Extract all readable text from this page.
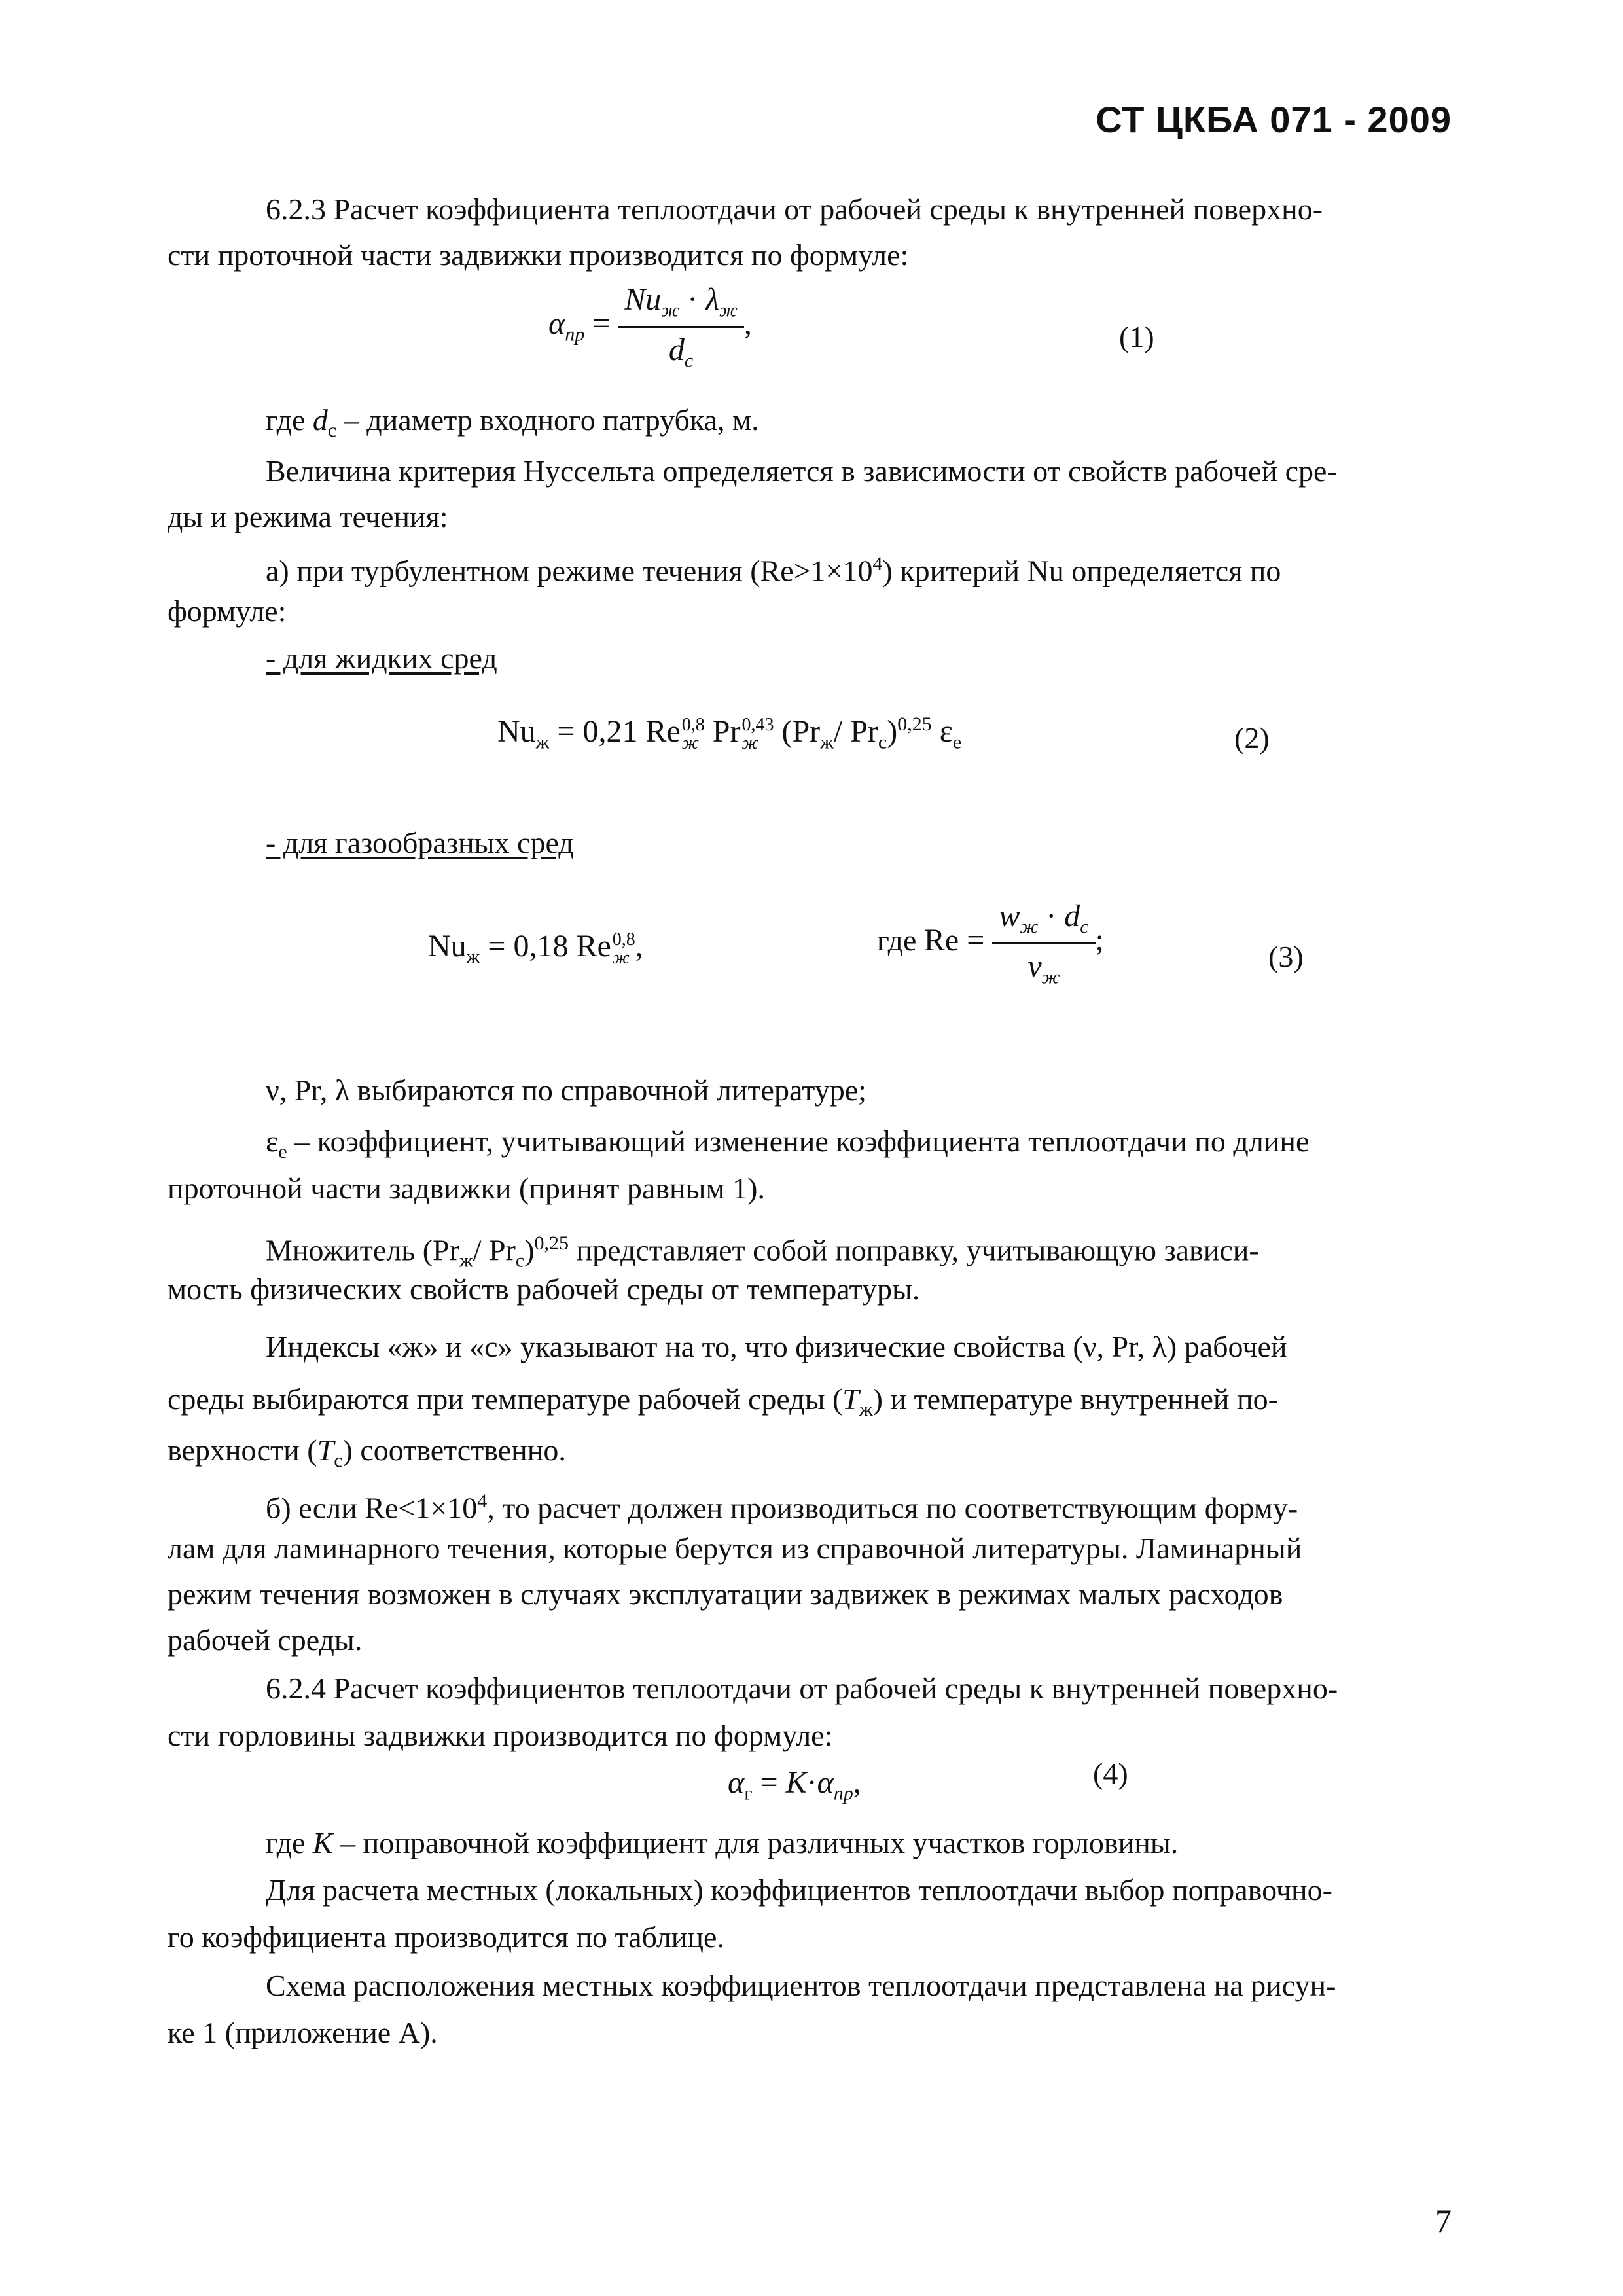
СТ ЦКБА 071 - 2009
6.2.3 Расчет коэффициента теплоотдачи от рабочей среды к внутренней поверхно-
сти проточной части задвижки производится по формуле:
$\alpha_{пр} = \frac{Nu_ж \cdot \lambda_ж}{d_с}$ ,	(1)
где $d_с$ – диаметр входного патрубка, м.
Величина критерия Нуссельта определяется в зависимости от свойств рабочей сре-
ды и режима течения:
а) при турбулентном режиме течения $(Re>1\times 10^4)$ критерий Nu определяется по
формуле:
- для жидких сред
$Nu_ж = 0,21$ Re 0,8
ж Pr 0,43
ж ($Pr_ж/$ $Pr_с)^{0,25}$ $\varepsilon_е$	(2)
- для газообразных сред
$Nu_ж = 0,18$ Re 0,8
ж ,	где $Re = \frac{w_ж \cdot d_с}{\nu_ж}$ ;	(3)
ν, Pr, λ выбираются по справочной литературе;
$\varepsilon_е$ – коэффициент, учитывающий изменение коэффициента теплоотдачи по длине
проточной части задвижки (принят равным 1).
Множитель ($Pr_ж/$ $Pr_с)^{0,25}$ представляет собой поправку, учитывающую зависи-
мость физических свойств рабочей среды от температуры.
Индексы «ж» и «с» указывают на то, что физические свойства (ν, Pr, λ) рабочей
среды выбираются при температуре рабочей среды $(T_ж)$ и температуре внутренней по-
верхности $(T_с)$ соответственно.
б) если $Re<1\times 10^4$, то расчет должен производиться по соответствующим форму-
лам для ламинарного течения, которые берутся из справочной литературы. Ламинарный
режим течения возможен в случаях эксплуатации задвижек в режимах малых расходов
рабочей среды.
6.2.4 Расчет коэффициентов теплоотдачи от рабочей среды к внутренней поверхно-
сти горловины задвижки производится по формуле:
$\alpha_г = K\cdot\alpha_{пр}$,	(4)
где K – поправочной коэффициент для различных участков горловины.
Для расчета местных (локальных) коэффициентов теплоотдачи выбор поправочно-
го коэффициента производится по таблице.
Схема расположения местных коэффициентов теплоотдачи представлена на рисун-
ке 1 (приложение А).
7
